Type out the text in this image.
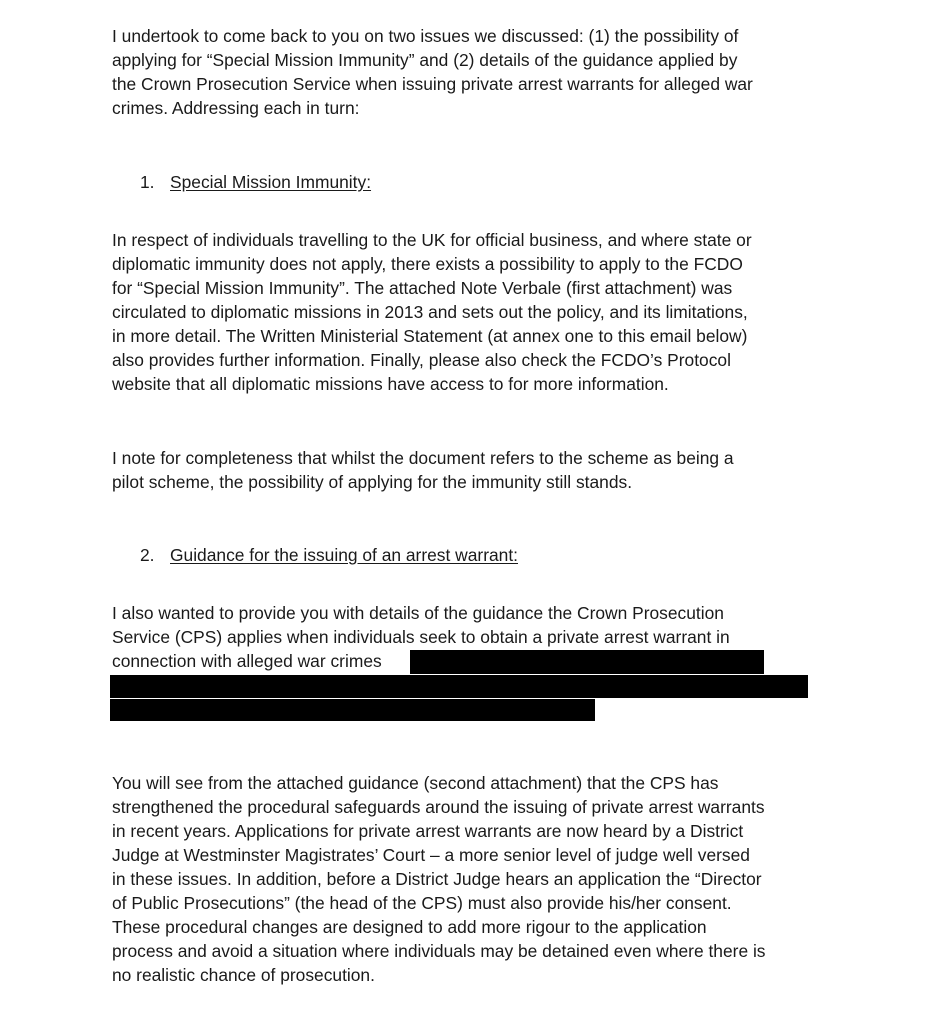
I undertook to come back to you on two issues we discussed: (1) the possibility of
applying for “Special Mission Immunity” and (2) details of the guidance applied by
the Crown Prosecution Service when issuing private arrest warrants for alleged war
crimes. Addressing each in turn:
1. Special Mission Immunity:
In respect of individuals travelling to the UK for official business, and where state or
diplomatic immunity does not apply, there exists a possibility to apply to the FCDO
for “Special Mission Immunity”. The attached Note Verbale (first attachment) was
circulated to diplomatic missions in 2013 and sets out the policy, and its limitations,
in more detail. The Written Ministerial Statement (at annex one to this email below)
also provides further information. Finally, please also check the FCDO’s Protocol
website that all diplomatic missions have access to for more information.
I note for completeness that whilst the document refers to the scheme as being a
pilot scheme, the possibility of applying for the immunity still stands.
2. Guidance for the issuing of an arrest warrant:
I also wanted to provide you with details of the guidance the Crown Prosecution
Service (CPS) applies when individuals seek to obtain a private arrest warrant in
connection with alleged war crimes
You will see from the attached guidance (second attachment) that the CPS has
strengthened the procedural safeguards around the issuing of private arrest warrants
in recent years. Applications for private arrest warrants are now heard by a District
Judge at Westminster Magistrates’ Court – a more senior level of judge well versed
in these issues. In addition, before a District Judge hears an application the “Director
of Public Prosecutions” (the head of the CPS) must also provide his/her consent.
These procedural changes are designed to add more rigour to the application
process and avoid a situation where individuals may be detained even where there is
no realistic chance of prosecution.
